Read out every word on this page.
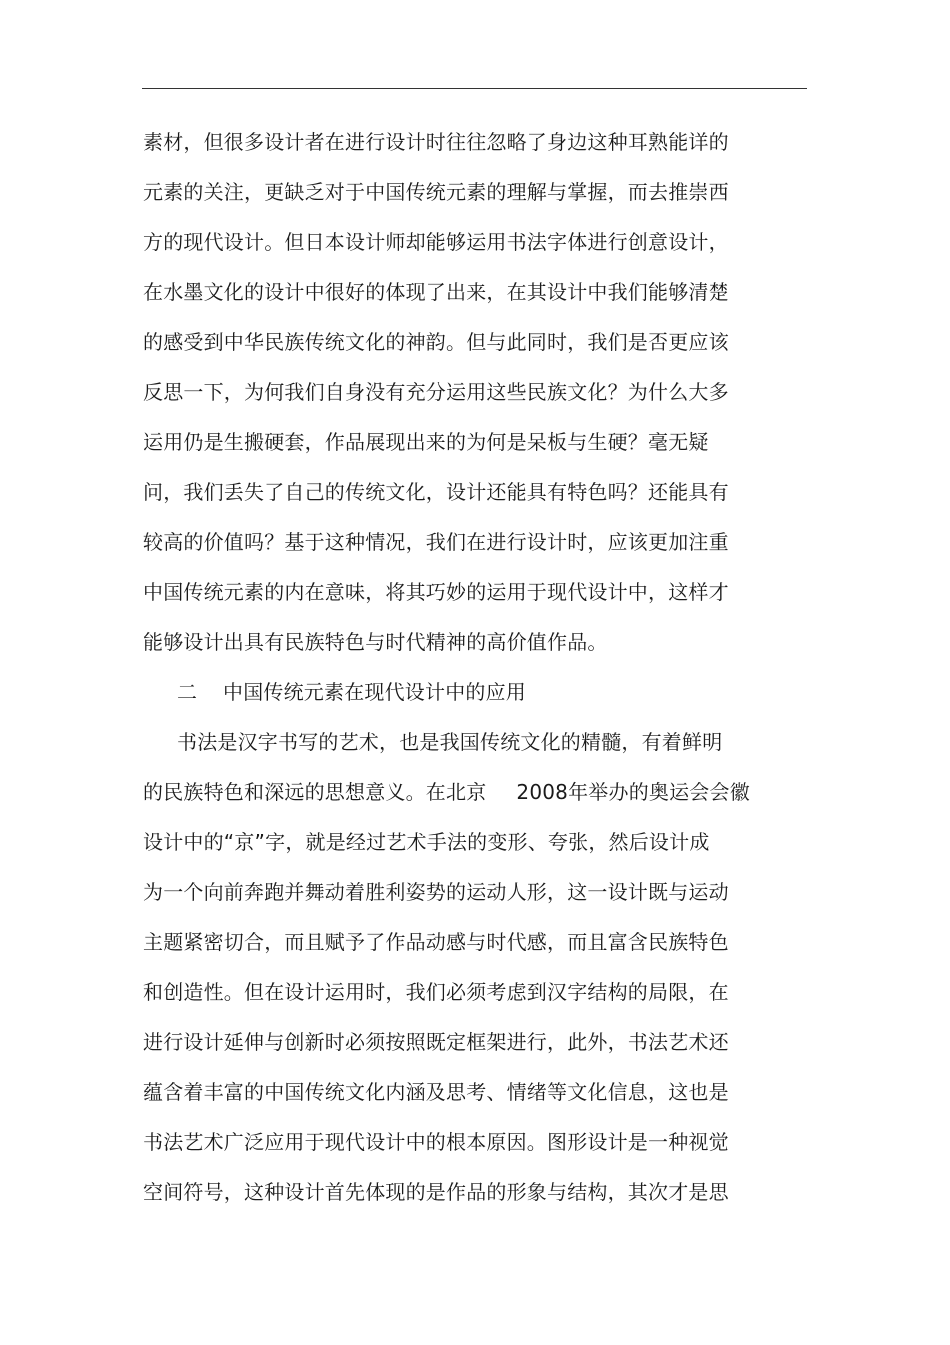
素材，但很多设计者在进行设计时往往忽略了身边这种耳熟能详的
元素的关注，更缺乏对于中国传统元素的理解与掌握，而去推崇西
方的现代设计。但日本设计师却能够运用书法字体进行创意设计，
在水墨文化的设计中很好的体现了出来，在其设计中我们能够清楚
的感受到中华民族传统文化的神韵。但与此同时，我们是否更应该
反思一下，为何我们自身没有充分运用这些民族文化？为什么大多
运用仍是生搬硬套，作品展现出来的为何是呆板与生硬？毫无疑
问，我们丢失了自己的传统文化，设计还能具有特色吗？还能具有
较高的价值吗？基于这种情况，我们在进行设计时，应该更加注重
中国传统元素的内在意味，将其巧妙的运用于现代设计中，这样才
能够设计出具有民族特色与时代精神的高价值作品。
二 中国传统元素在现代设计中的应用
书法是汉字书写的艺术，也是我国传统文化的精髓，有着鲜明
的民族特色和深远的思想意义。在北京 2008年举办的奥运会会徽
设计中的“京”字，就是经过艺术手法的变形、夸张，然后设计成
为一个向前奔跑并舞动着胜利姿势的运动人形，这一设计既与运动
主题紧密切合，而且赋予了作品动感与时代感，而且富含民族特色
和创造性。但在设计运用时，我们必须考虑到汉字结构的局限，在
进行设计延伸与创新时必须按照既定框架进行，此外，书法艺术还
蕴含着丰富的中国传统文化内涵及思考、情绪等文化信息，这也是
书法艺术广泛应用于现代设计中的根本原因。图形设计是一种视觉
空间符号，这种设计首先体现的是作品的形象与结构，其次才是思
